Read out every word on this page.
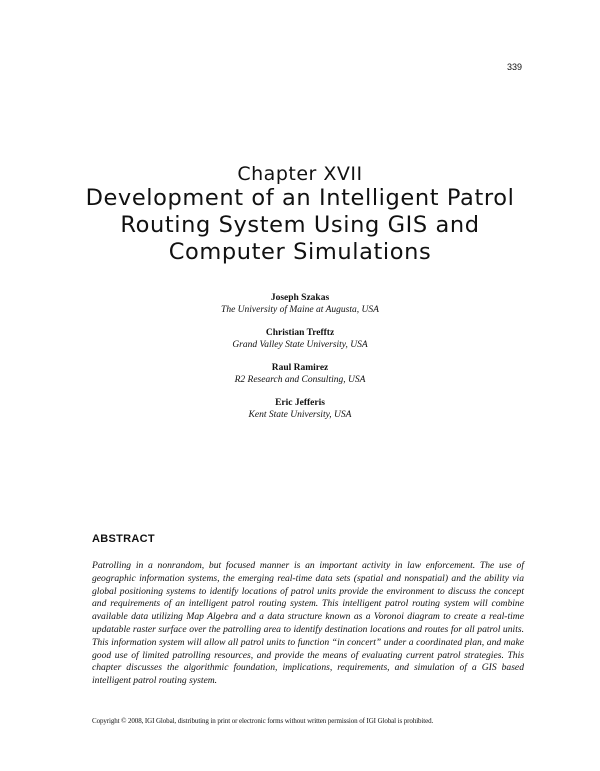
339
Chapter XVII
Development of an Intelligent Patrol Routing System Using GIS and Computer Simulations
Joseph Szakas
The University of Maine at Augusta, USA
Christian Trefftz
Grand Valley State University, USA
Raul Ramirez
R2 Research and Consulting, USA
Eric Jefferis
Kent State University, USA
ABSTRACT

Patrolling in a nonrandom, but focused manner is an important activity in law enforcement. The use of geographic information systems, the emerging real-time data sets (spatial and nonspatial) and the ability via global positioning systems to identify locations of patrol units provide the environment to discuss the concept and requirements of an intelligent patrol routing system. This intelligent patrol routing system will combine available data utilizing Map Algebra and a data structure known as a Voronoi diagram to create a real-time updatable raster surface over the patrolling area to identify destination locations and routes for all patrol units. This information system will allow all patrol units to function “in concert” under a coordinated plan, and make good use of limited patrolling resources, and provide the means of evaluating current patrol strategies. This chapter discusses the algorithmic foundation, implications, requirements, and simulation of a GIS based intelligent patrol routing system.

Copyright © 2008, IGI Global, distributing in print or electronic forms without written permission of IGI Global is prohibited.
